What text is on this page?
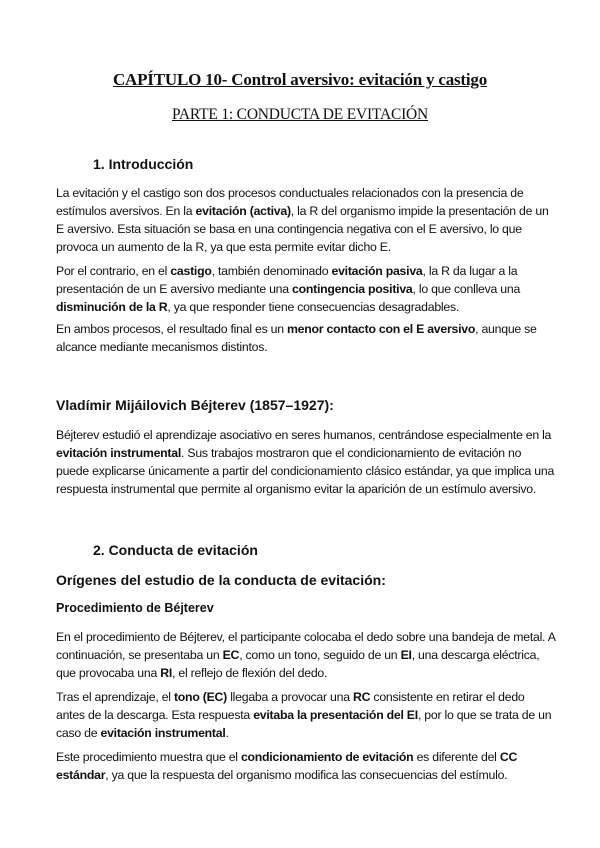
CAPÍTULO 10- Control aversivo: evitación y castigo
PARTE 1: CONDUCTA DE EVITACIÓN
1. Introducción

La evitación y el castigo son dos procesos conductuales relacionados con la presencia de estímulos aversivos. En la evitación (activa), la R del organismo impide la presentación de un E aversivo. Esta situación se basa en una contingencia negativa con el E aversivo, lo que provoca un aumento de la R, ya que esta permite evitar dicho E.

Por el contrario, en el castigo, también denominado evitación pasiva, la R da lugar a la presentación de un E aversivo mediante una contingencia positiva, lo que conlleva una disminución de la R, ya que responder tiene consecuencias desagradables.

En ambos procesos, el resultado final es un menor contacto con el E aversivo, aunque se alcance mediante mecanismos distintos.

Vladímir Mijáilovich Béjterev (1857–1927):

Béjterev estudió el aprendizaje asociativo en seres humanos, centrándose especialmente en la evitación instrumental. Sus trabajos mostraron que el condicionamiento de evitación no puede explicarse únicamente a partir del condicionamiento clásico estándar, ya que implica una respuesta instrumental que permite al organismo evitar la aparición de un estímulo aversivo.

2. Conducta de evitación
Orígenes del estudio de la conducta de evitación:
Procedimiento de Béjterev

En el procedimiento de Béjterev, el participante colocaba el dedo sobre una bandeja de metal. A continuación, se presentaba un EC, como un tono, seguido de un EI, una descarga eléctrica, que provocaba una RI, el reflejo de flexión del dedo.

Tras el aprendizaje, el tono (EC) llegaba a provocar una RC consistente en retirar el dedo antes de la descarga. Esta respuesta evitaba la presentación del EI, por lo que se trata de un caso de evitación instrumental.

Este procedimiento muestra que el condicionamiento de evitación es diferente del CC estándar, ya que la respuesta del organismo modifica las consecuencias del estímulo.
